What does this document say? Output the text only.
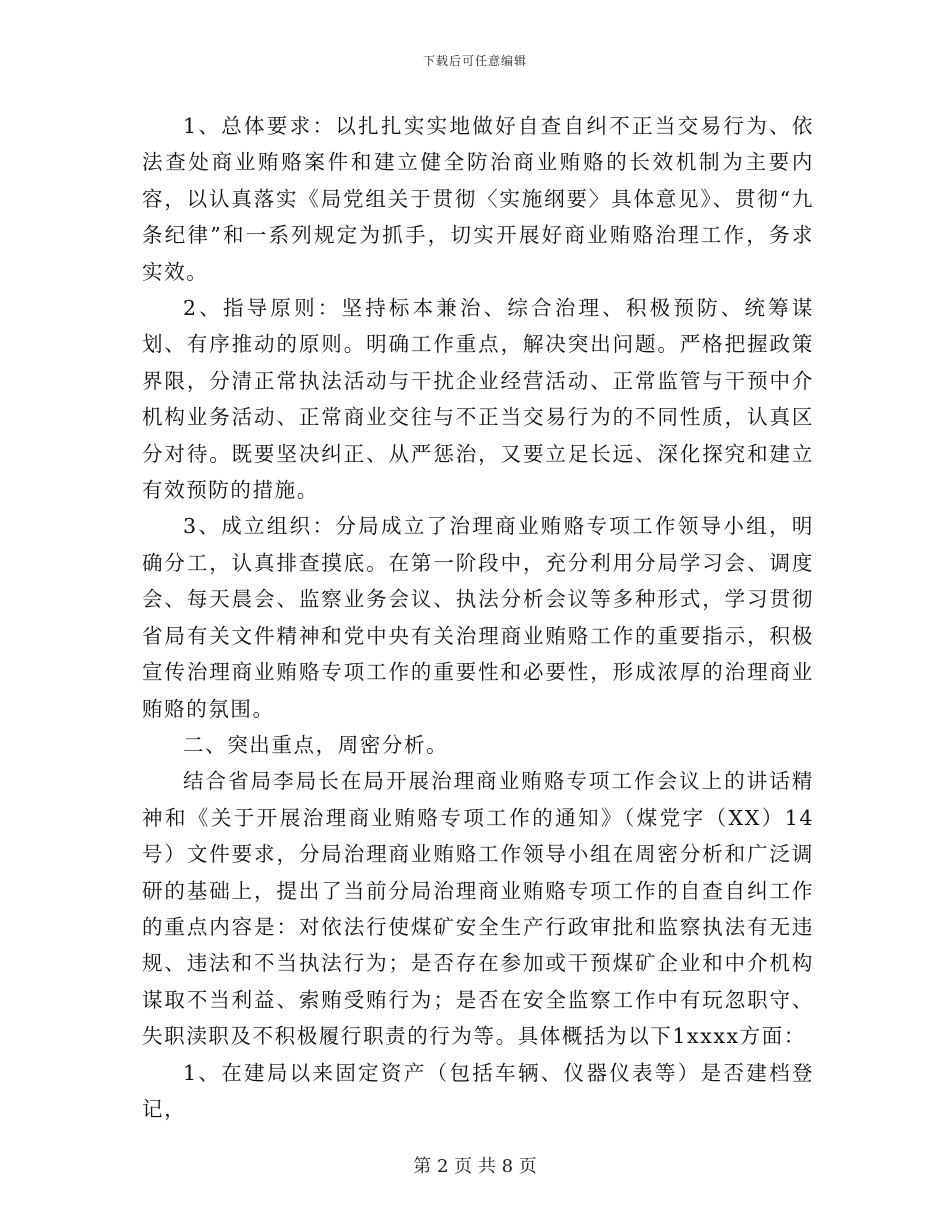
下载后可任意编辑

1、总体要求：以扎扎实实地做好自查自纠不正当交易行为、依法查处商业贿赂案件和建立健全防治商业贿赂的长效机制为主要内容，以认真落实《局党组关于贯彻〈实施纲要〉具体意见》、贯彻“九条纪律”和一系列规定为抓手，切实开展好商业贿赂治理工作，务求实效。

2、指导原则：坚持标本兼治、综合治理、积极预防、统筹谋划、有序推动的原则。明确工作重点，解决突出问题。严格把握政策界限，分清正常执法活动与干扰企业经营活动、正常监管与干预中介机构业务活动、正常商业交往与不正当交易行为的不同性质，认真区分对待。既要坚决纠正、从严惩治，又要立足长远、深化探究和建立有效预防的措施。

3、成立组织：分局成立了治理商业贿赂专项工作领导小组，明确分工，认真排查摸底。在第一阶段中，充分利用分局学习会、调度会、每天晨会、监察业务会议、执法分析会议等多种形式，学习贯彻省局有关文件精神和党中央有关治理商业贿赂工作的重要指示，积极宣传治理商业贿赂专项工作的重要性和必要性，形成浓厚的治理商业贿赂的氛围。

二、突出重点，周密分析。

结合省局李局长在局开展治理商业贿赂专项工作会议上的讲话精神和《关于开展治理商业贿赂专项工作的通知》（煤党字（XX）14号）文件要求，分局治理商业贿赂工作领导小组在周密分析和广泛调研的基础上，提出了当前分局治理商业贿赂专项工作的自查自纠工作的重点内容是：对依法行使煤矿安全生产行政审批和监察执法有无违规、违法和不当执法行为；是否存在参加或干预煤矿企业和中介机构谋取不当利益、索贿受贿行为；是否在安全监察工作中有玩忽职守、失职渎职及不积极履行职责的行为等。具体概括为以下1xxxx方面：

1、在建局以来固定资产（包括车辆、仪器仪表等）是否建档登记，

第 2 页 共 8 页
